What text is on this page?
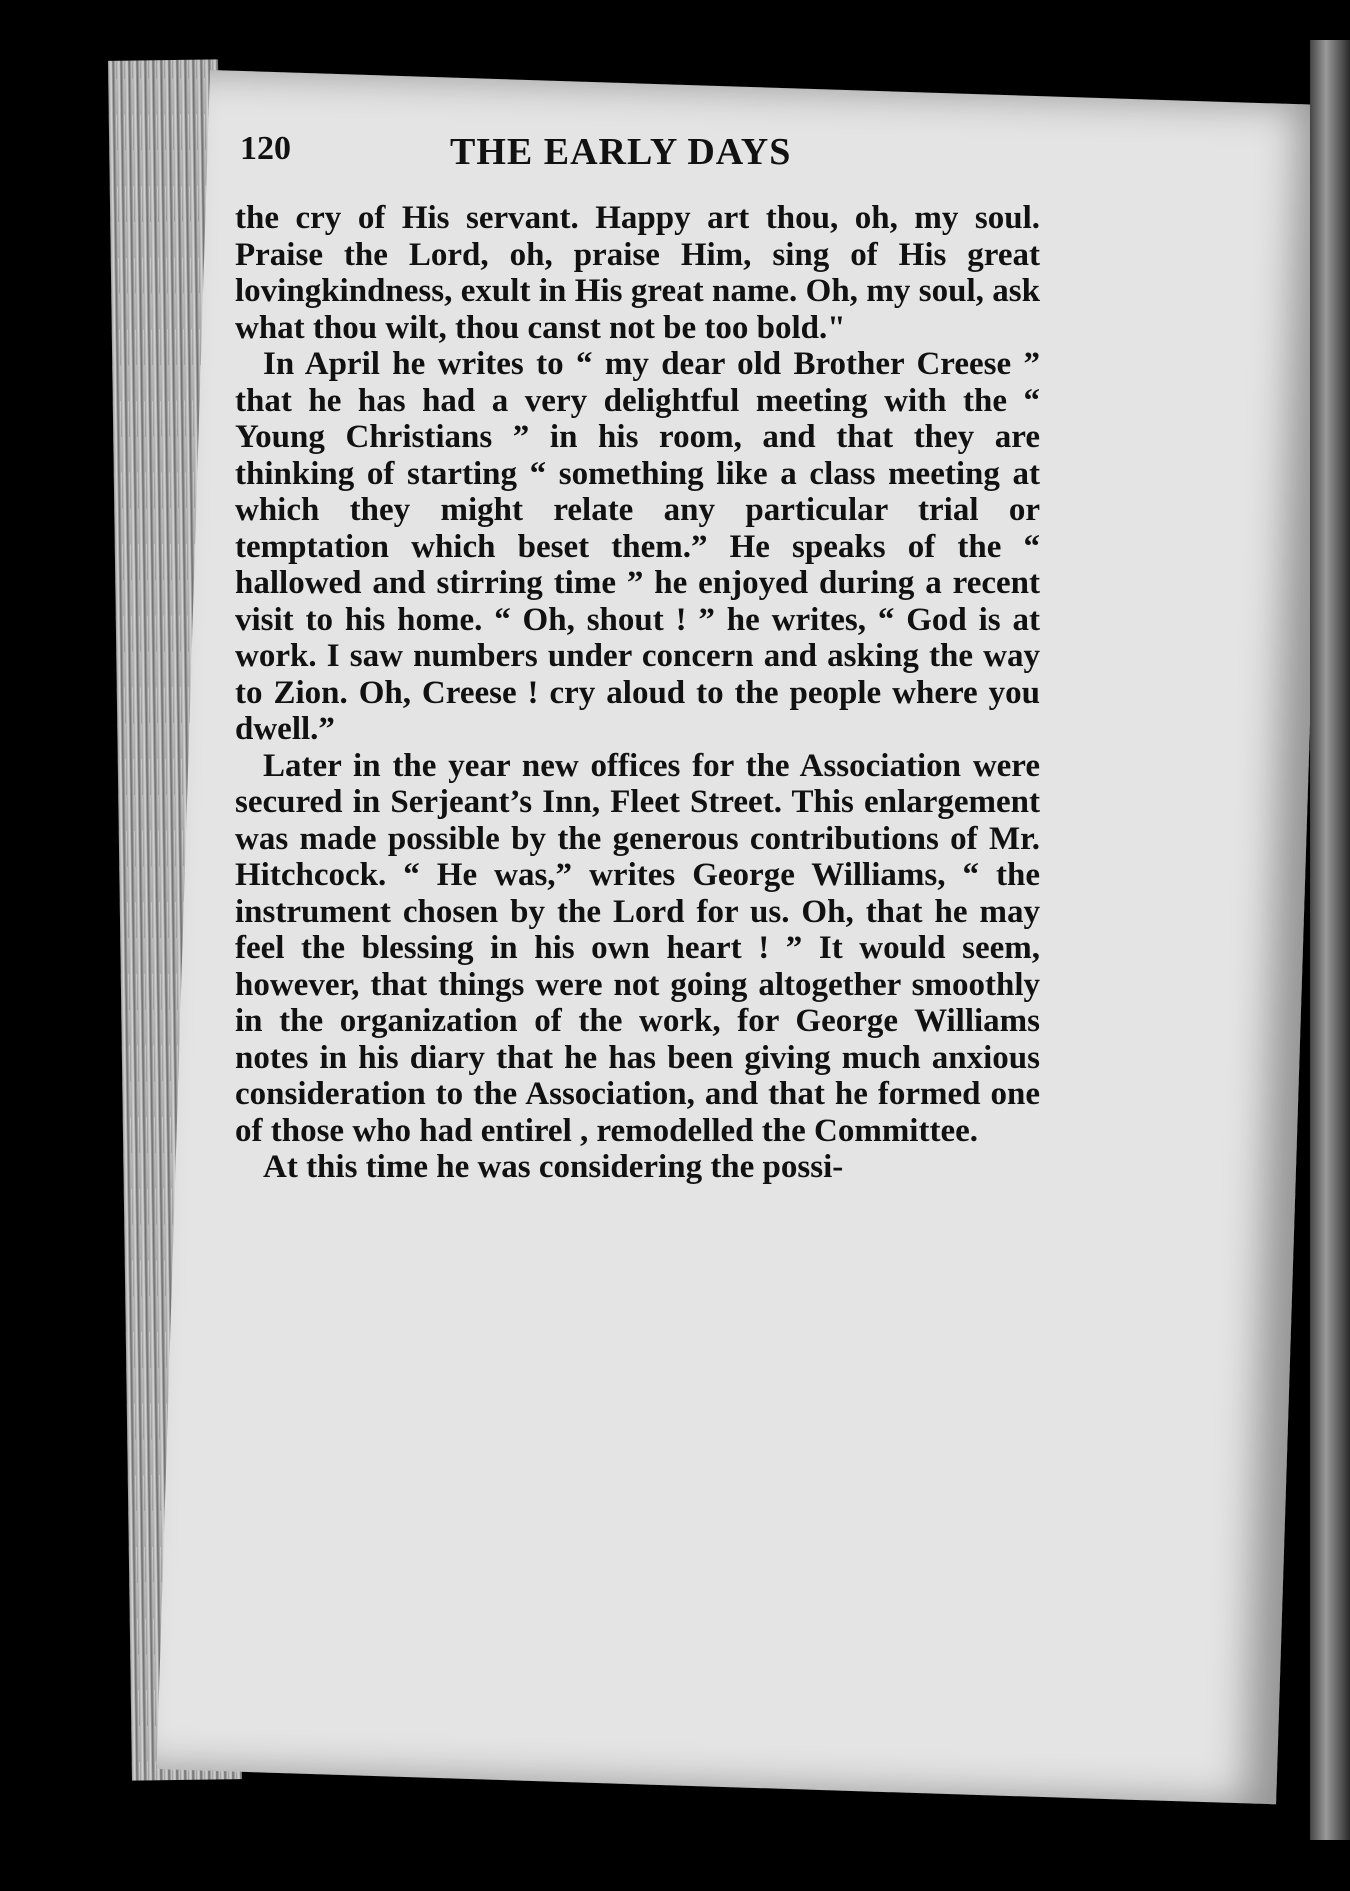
120	THE EARLY DAYS

the cry of His servant. Happy art thou, oh, my soul. Praise the Lord, oh, praise Him, sing of His great lovingkindness, exult in His great name. Oh, my soul, ask what thou wilt, thou canst not be too bold."

In April he writes to “ my dear old Brother Creese ” that he has had a very delightful meeting with the “ Young Christians ” in his room, and that they are thinking of starting “ something like a class meeting at which they might relate any particular trial or temptation which beset them.” He speaks of the “ hallowed and stirring time ” he enjoyed during a recent visit to his home. “ Oh, shout ! ” he writes, “ God is at work. I saw numbers under concern and asking the way to Zion. Oh, Creese ! cry aloud to the people where you dwell.”

Later in the year new offices for the Association were secured in Serjeant’s Inn, Fleet Street. This enlargement was made possible by the generous contributions of Mr. Hitchcock. “ He was,” writes George Williams, “ the instrument chosen by the Lord for us. Oh, that he may feel the blessing in his own heart ! ” It would seem, however, that things were not going altogether smoothly in the organization of the work, for George Williams notes in his diary that he has been giving much anxious consideration to the Association, and that he formed one of those who had entirel , remodelled the Committee.

At this time he was considering the possi-
